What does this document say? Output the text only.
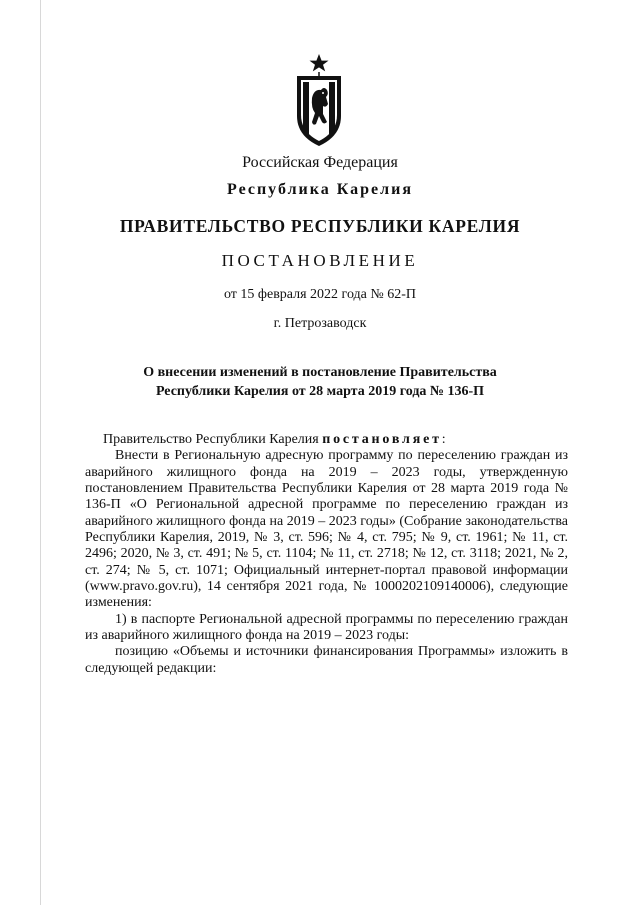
Российская Федерация
Республика Карелия
ПРАВИТЕЛЬСТВО РЕСПУБЛИКИ КАРЕЛИЯ
ПОСТАНОВЛЕНИЕ
от 15 февраля 2022 года № 62-П
г. Петрозаводск
О внесении изменений в постановление Правительства
Республики Карелия от 28 марта 2019 года № 136-П

Правительство Республики Карелия постановляет:

Внести в Региональную адресную программу по переселению граждан из аварийного жилищного фонда на 2019 – 2023 годы, утвержденную постановлением Правительства Республики Карелия от 28 марта 2019 года № 136-П «О Региональной адресной программе по переселению граждан из аварийного жилищного фонда на 2019 – 2023 годы» (Собрание законодательства Республики Карелия, 2019, № 3, ст. 596; № 4, ст. 795; № 9, ст. 1961; № 11, ст. 2496; 2020, № 3, ст. 491; № 5, ст. 1104; № 11, ст. 2718; № 12, ст. 3118; 2021, № 2, ст. 274; № 5, ст. 1071; Официальный интернет-портал правовой информации (www.pravo.gov.ru), 14 сентября 2021 года, № 1000202109140006), следующие изменения:

1) в паспорте Региональной адресной программы по переселению граждан из аварийного жилищного фонда на 2019 – 2023 годы:

позицию «Объемы и источники финансирования Программы» изложить в следующей редакции:
